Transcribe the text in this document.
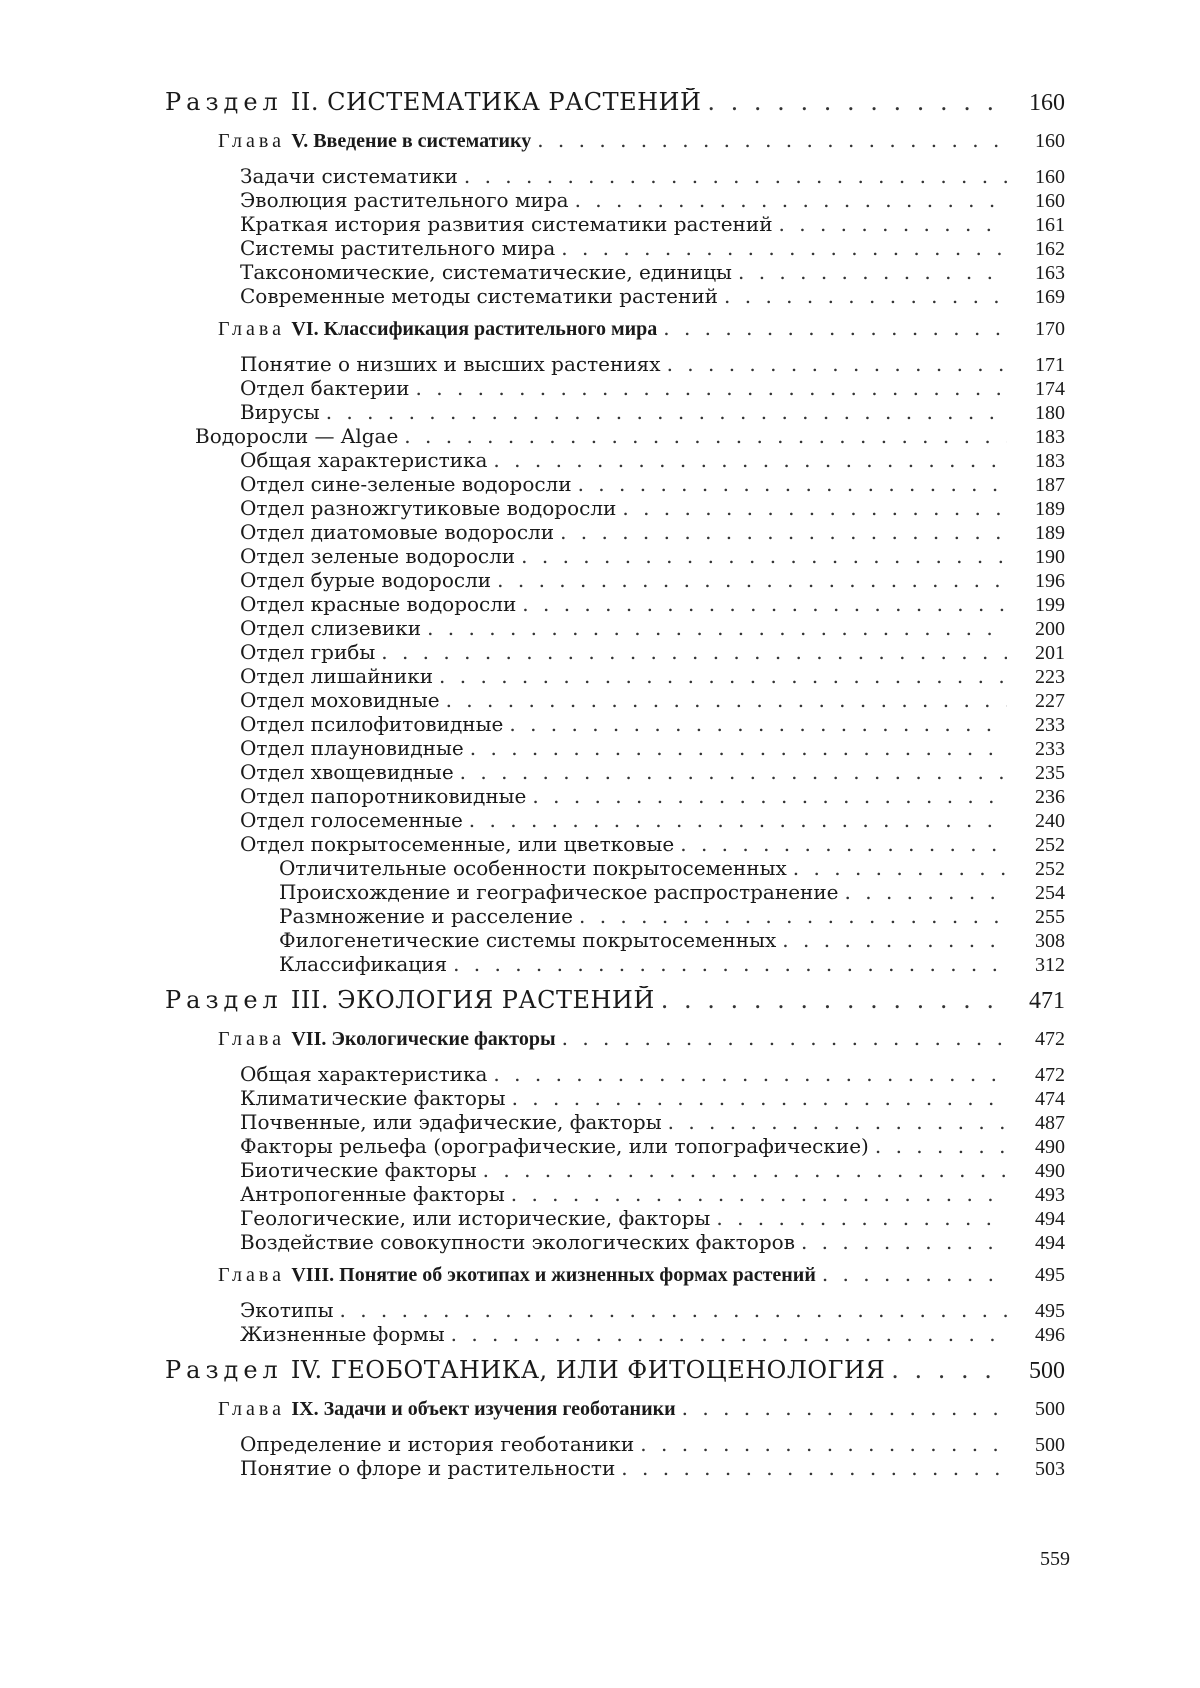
Раздел II. СИСТЕМАТИКА РАСТЕНИЙ . . .	160
Глава V. Введение в систематику . . .	160
Задачи систематики . . .	160
Эволюция растительного мира . . .	160
Краткая история развития систематики растений . . .	161
Системы растительного мира . . .	162
Таксономические, систематические, единицы . . .	163
Современные методы систематики растений . . .	169
Глава VI. Классификация растительного мира . . .	170
Понятие о низших и высших растениях . . .	171
Отдел бактерии . . .	174
Вирусы . . .	180
Водоросли — Algae . . .	183
Общая характеристика . . .	183
Отдел сине-зеленые водоросли . . .	187
Отдел разножгутиковые водоросли . . .	189
Отдел диатомовые водоросли . . .	189
Отдел зеленые водоросли . . .	190
Отдел бурые водоросли . . .	196
Отдел красные водоросли . . .	199
Отдел слизевики . . .	200
Отдел грибы . . .	201
Отдел лишайники . . .	223
Отдел моховидные . . .	227
Отдел псилофитовидные . . .	233
Отдел плауновидные . . .	233
Отдел хвощевидные . . .	235
Отдел папоротниковидные . . .	236
Отдел голосеменные . . .	240
Отдел покрытосеменные, или цветковые . . .	252
Отличительные особенности покрытосеменных . . .	252
Происхождение и географическое распространение . . .	254
Размножение и расселение . . .	255
Филогенетические системы покрытосеменных . . .	308
Классификация . . .	312
Раздел III. ЭКОЛОГИЯ РАСТЕНИЙ . . .	471
Глава VII. Экологические факторы . . .	472
Общая характеристика . . .	472
Климатические факторы . . .	474
Почвенные, или эдафические, факторы . . .	487
Факторы рельефа (орографические, или топографические) . . .	490
Биотические факторы . . .	490
Антропогенные факторы . . .	493
Геологические, или исторические, факторы . . .	494
Воздействие совокупности экологических факторов . . .	494
Глава VIII. Понятие об экотипах и жизненных формах растений . . .	495
Экотипы . . .	495
Жизненные формы . . .	496
Раздел IV. ГЕОБОТАНИКА, ИЛИ ФИТОЦЕНОЛОГИЯ . . .	500
Глава IX. Задачи и объект изучения геоботаники . . .	500
Определение и история геоботаники . . .	500
Понятие о флоре и растительности . . .	503
559
